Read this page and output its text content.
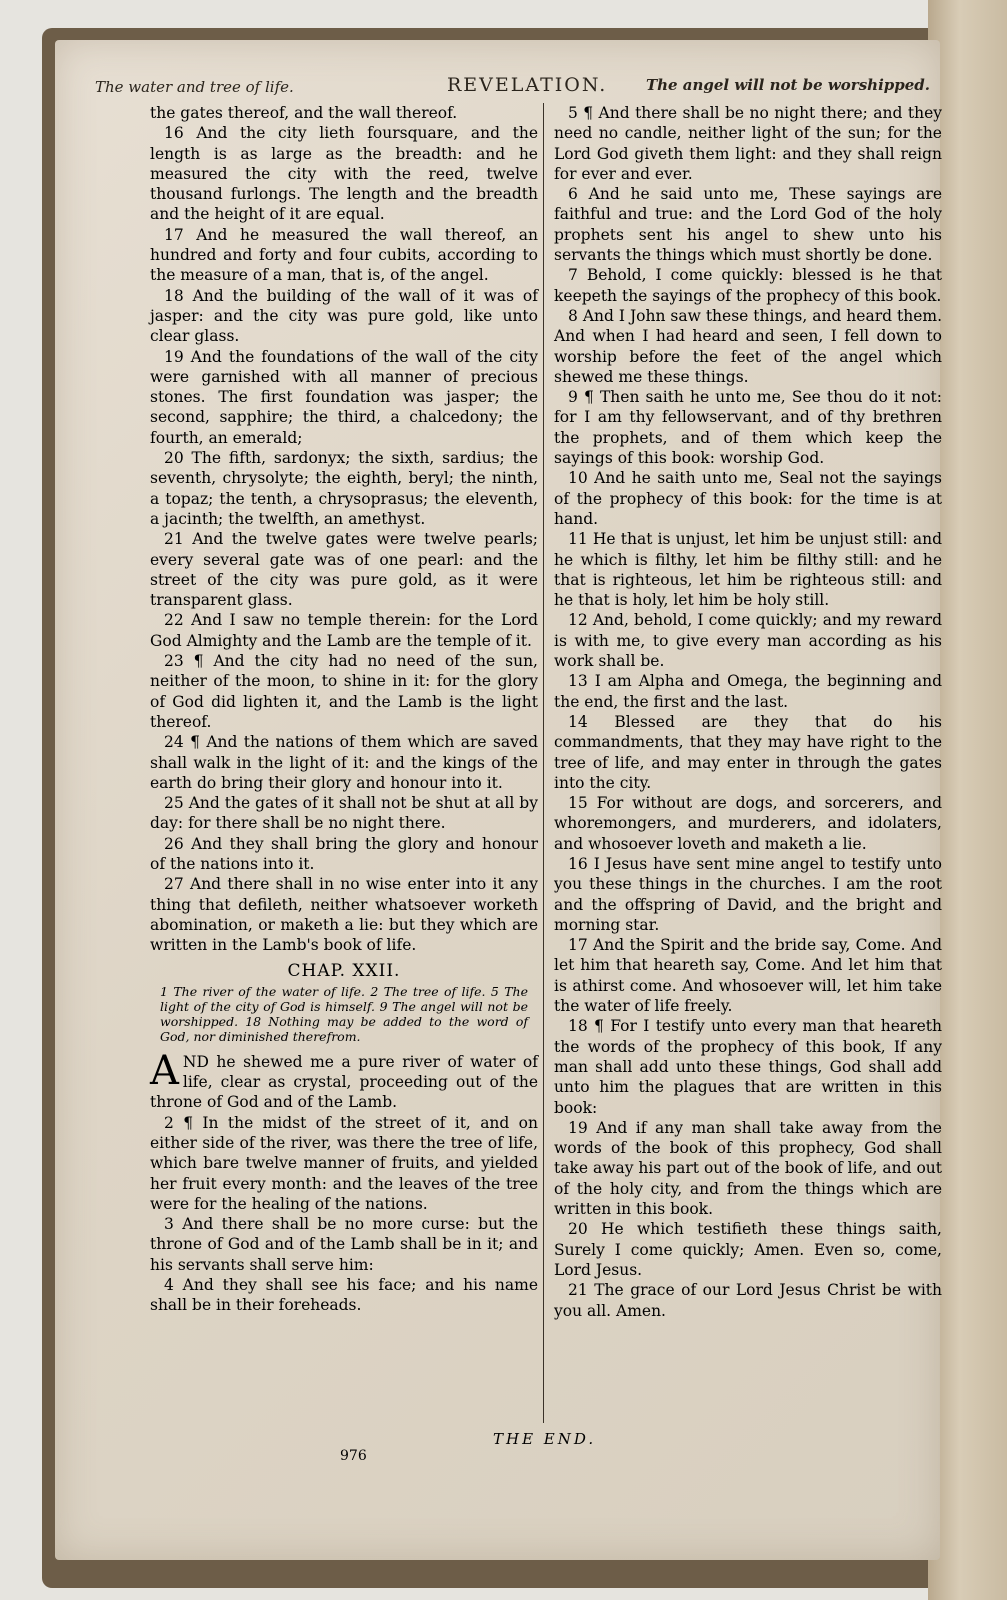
The water and tree of life.	REVELATION.	The angel will not be worshipped.

the gates thereof, and the wall thereof.

16 And the city lieth foursquare, and the length is as large as the breadth: and he measured the city with the reed, twelve thousand furlongs. The length and the breadth and the height of it are equal.

17 And he measured the wall thereof, an hundred and forty and four cubits, according to the measure of a man, that is, of the angel.

18 And the building of the wall of it was of jasper: and the city was pure gold, like unto clear glass.

19 And the foundations of the wall of the city were garnished with all manner of precious stones. The first foundation was jasper; the second, sapphire; the third, a chalcedony; the fourth, an emerald;

20 The fifth, sardonyx; the sixth, sardius; the seventh, chrysolyte; the eighth, beryl; the ninth, a topaz; the tenth, a chrysoprasus; the eleventh, a jacinth; the twelfth, an amethyst.

21 And the twelve gates were twelve pearls; every several gate was of one pearl: and the street of the city was pure gold, as it were transparent glass.

22 And I saw no temple therein: for the Lord God Almighty and the Lamb are the temple of it.

23 ¶ And the city had no need of the sun, neither of the moon, to shine in it: for the glory of God did lighten it, and the Lamb is the light thereof.

24 ¶ And the nations of them which are saved shall walk in the light of it: and the kings of the earth do bring their glory and honour into it.

25 And the gates of it shall not be shut at all by day: for there shall be no night there.

26 And they shall bring the glory and honour of the nations into it.

27 And there shall in no wise enter into it any thing that defileth, neither whatsoever worketh abomination, or maketh a lie: but they which are written in the Lamb's book of life.

CHAP. XXII.

1 The river of the water of life. 2 The tree of life. 5 The light of the city of God is himself. 9 The angel will not be worshipped. 18 Nothing may be added to the word of God, nor diminished therefrom.

AND he shewed me a pure river of water of life, clear as crystal, proceeding out of the throne of God and of the Lamb.

2 ¶ In the midst of the street of it, and on either side of the river, was there the tree of life, which bare twelve manner of fruits, and yielded her fruit every month: and the leaves of the tree were for the healing of the nations.

3 And there shall be no more curse: but the throne of God and of the Lamb shall be in it; and his servants shall serve him:

4 And they shall see his face; and his name shall be in their foreheads.

5 ¶ And there shall be no night there; and they need no candle, neither light of the sun; for the Lord God giveth them light: and they shall reign for ever and ever.

6 And he said unto me, These sayings are faithful and true: and the Lord God of the holy prophets sent his angel to shew unto his servants the things which must shortly be done.

7 Behold, I come quickly: blessed is he that keepeth the sayings of the prophecy of this book.

8 And I John saw these things, and heard them. And when I had heard and seen, I fell down to worship before the feet of the angel which shewed me these things.

9 ¶ Then saith he unto me, See thou do it not: for I am thy fellowservant, and of thy brethren the prophets, and of them which keep the sayings of this book: worship God.

10 And he saith unto me, Seal not the sayings of the prophecy of this book: for the time is at hand.

11 He that is unjust, let him be unjust still: and he which is filthy, let him be filthy still: and he that is righteous, let him be righteous still: and he that is holy, let him be holy still.

12 And, behold, I come quickly; and my reward is with me, to give every man according as his work shall be.

13 I am Alpha and Omega, the beginning and the end, the first and the last.

14 Blessed are they that do his commandments, that they may have right to the tree of life, and may enter in through the gates into the city.

15 For without are dogs, and sorcerers, and whoremongers, and murderers, and idolaters, and whosoever loveth and maketh a lie.

16 I Jesus have sent mine angel to testify unto you these things in the churches. I am the root and the offspring of David, and the bright and morning star.

17 And the Spirit and the bride say, Come. And let him that heareth say, Come. And let him that is athirst come. And whosoever will, let him take the water of life freely.

18 ¶ For I testify unto every man that heareth the words of the prophecy of this book, If any man shall add unto these things, God shall add unto him the plagues that are written in this book:

19 And if any man shall take away from the words of the book of this prophecy, God shall take away his part out of the book of life, and out of the holy city, and from the things which are written in this book.

20 He which testifieth these things saith, Surely I come quickly; Amen. Even so, come, Lord Jesus.

21 The grace of our Lord Jesus Christ be with you all. Amen.

THE END.
976
